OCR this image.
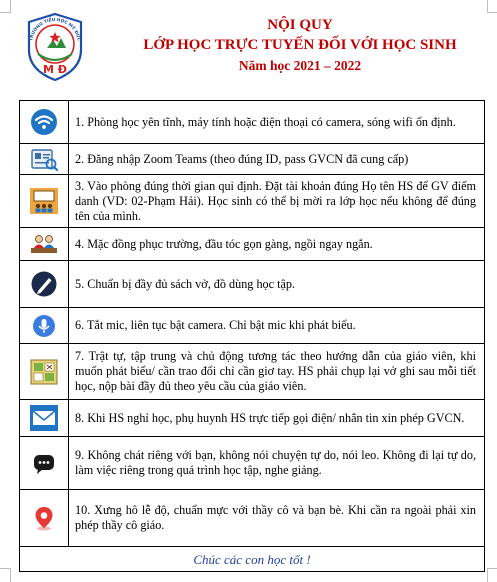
TRƯỜNG TIỂU HỌC MỸ ĐỨC
M Đ
NỘI QUY
LỚP HỌC TRỰC TUYẾN ĐỐI VỚI HỌC SINH
Năm học 2021 – 2022
1. Phòng học yên tĩnh, máy tính hoặc điện thoại có camera, sóng wifi ổn định.
2. Đăng nhập Zoom Teams (theo đúng ID, pass GVCN đã cung cấp)
3. Vào phòng đúng thời gian qui định. Đặt tài khoản đúng Họ tên HS để GV điểm danh (VD: 02-Phạm Hải). Học sinh có thể bị mời ra lớp học nếu không để đúng tên của mình.
4. Mặc đồng phục trường, đầu tóc gọn gàng, ngồi ngay ngắn.
5. Chuẩn bị đầy đủ sách vở, đồ dùng học tập.
6. Tắt mic, liên tục bật camera. Chỉ bật mic khi phát biểu.
7. Trật tự, tập trung và chủ động tương tác theo hướng dẫn của giáo viên, khi muốn phát biểu/ cần trao đổi chỉ cần giơ tay. HS phải chụp lại vở ghi sau mỗi tiết học, nộp bài đầy đủ theo yêu cầu của giáo viên.
8. Khi HS nghỉ học, phụ huynh HS trực tiếp gọi điện/ nhắn tin xin phép GVCN.
9. Không chát riêng với bạn, không nói chuyện tự do, nói leo. Không đi lại tự do, làm việc riêng trong quá trình học tập, nghe giảng.
10. Xưng hô lễ độ, chuẩn mực với thầy cô và bạn bè. Khi cần ra ngoài phải xin phép thầy cô giáo.
Chúc các con học tốt !
